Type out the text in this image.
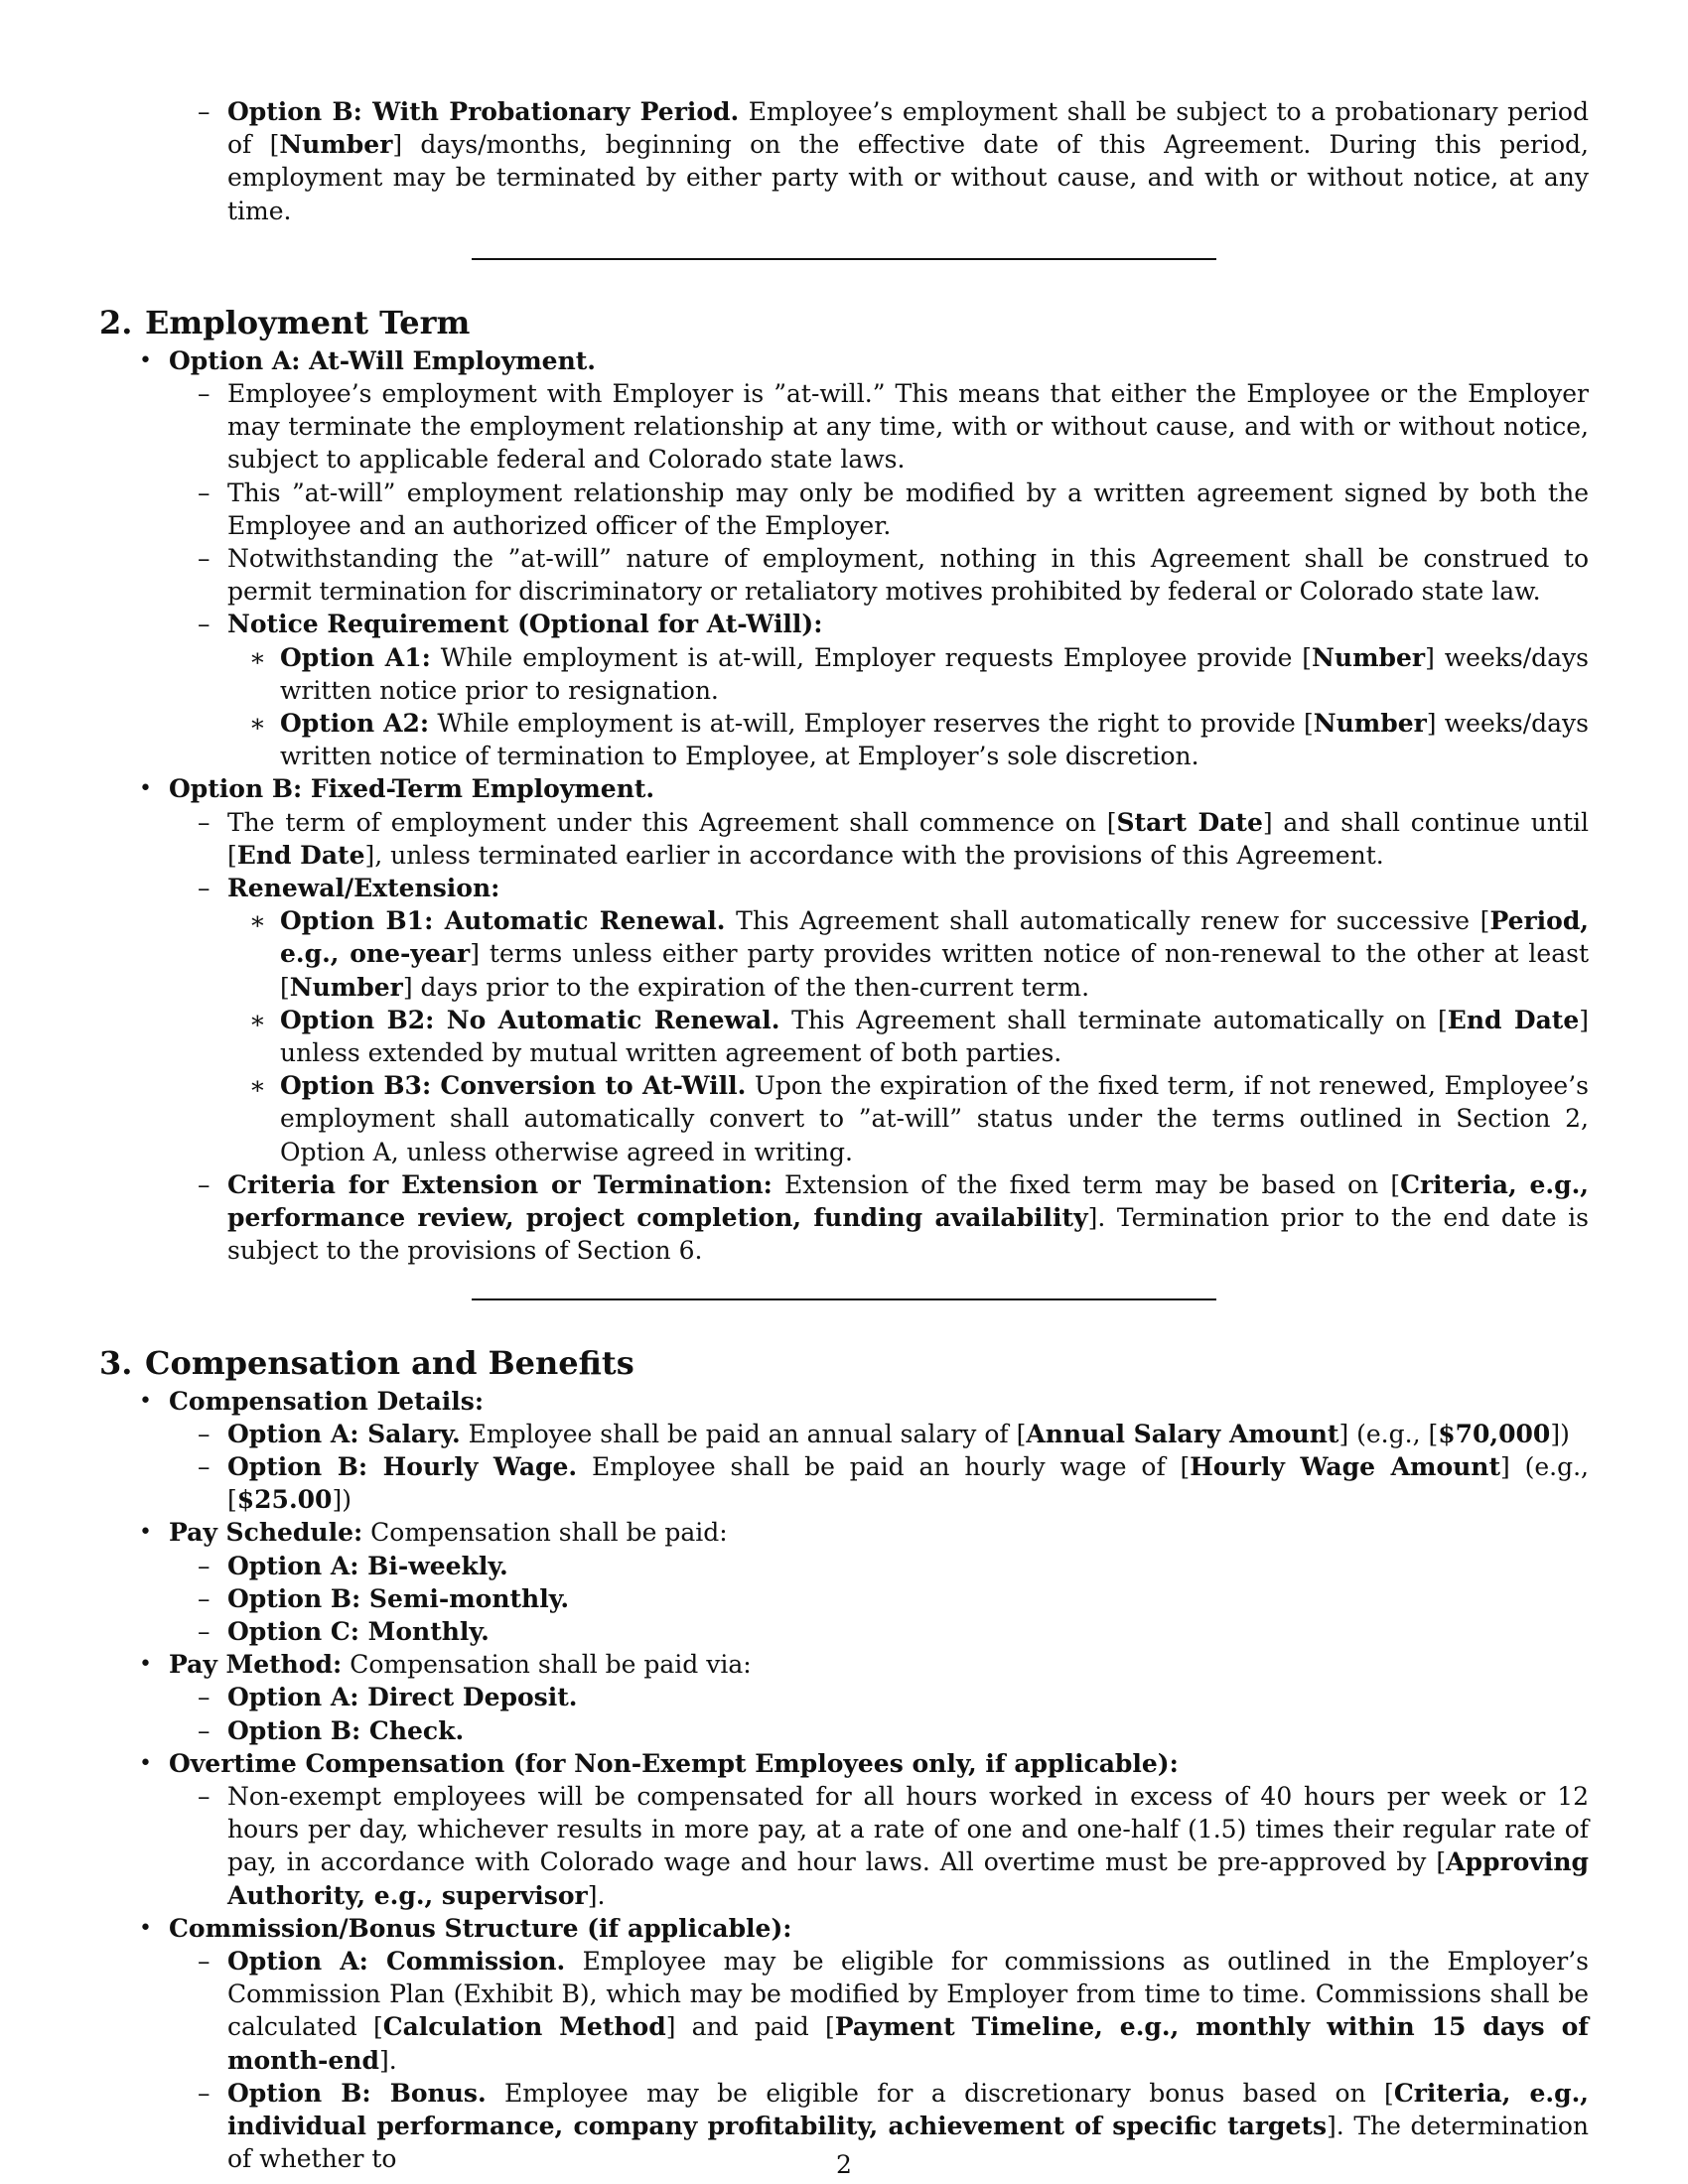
– Option B: With Probationary Period. Employee’s employment shall be subject to a probationary period of [Number] days/months, beginning on the effective date of this Agreement. During this period, employment may be terminated by either party with or without cause, and with or without notice, at any time.
2. Employment Term
• Option A: At-Will Employment.
– Employee’s employment with Employer is ”at-will.” This means that either the Employee or the Employer may terminate the employment relationship at any time, with or without cause, and with or without notice, subject to applicable federal and Colorado state laws.
– This ”at-will” employment relationship may only be modified by a written agreement signed by both the Employee and an authorized officer of the Employer.
– Notwithstanding the ”at-will” nature of employment, nothing in this Agreement shall be construed to permit termination for discriminatory or retaliatory motives prohibited by federal or Colorado state law.
– Notice Requirement (Optional for At-Will):
∗ Option A1: While employment is at-will, Employer requests Employee provide [Number] weeks/days written notice prior to resignation.
∗ Option A2: While employment is at-will, Employer reserves the right to provide [Number] weeks/days written notice of termination to Employee, at Employer’s sole discretion.
• Option B: Fixed-Term Employment.
– The term of employment under this Agreement shall commence on [Start Date] and shall continue until [End Date], unless terminated earlier in accordance with the provisions of this Agreement.
– Renewal/Extension:
∗ Option B1: Automatic Renewal. This Agreement shall automatically renew for successive [Period, e.g., one-year] terms unless either party provides written notice of non-renewal to the other at least [Number] days prior to the expiration of the then-current term.
∗ Option B2: No Automatic Renewal. This Agreement shall terminate automatically on [End Date] unless extended by mutual written agreement of both parties.
∗ Option B3: Conversion to At-Will. Upon the expiration of the fixed term, if not renewed, Employee’s employment shall automatically convert to ”at-will” status under the terms outlined in Section 2, Option A, unless otherwise agreed in writing.
– Criteria for Extension or Termination: Extension of the fixed term may be based on [Criteria, e.g., performance review, project completion, funding availability]. Termination prior to the end date is subject to the provisions of Section 6.
3. Compensation and Benefits
• Compensation Details:
– Option A: Salary. Employee shall be paid an annual salary of [Annual Salary Amount] (e.g., [$70,000])
– Option B: Hourly Wage. Employee shall be paid an hourly wage of [Hourly Wage Amount] (e.g., [$25.00])
• Pay Schedule: Compensation shall be paid:
– Option A: Bi-weekly.
– Option B: Semi-monthly.
– Option C: Monthly.
• Pay Method: Compensation shall be paid via:
– Option A: Direct Deposit.
– Option B: Check.
• Overtime Compensation (for Non-Exempt Employees only, if applicable):
– Non-exempt employees will be compensated for all hours worked in excess of 40 hours per week or 12 hours per day, whichever results in more pay, at a rate of one and one-half (1.5) times their regular rate of pay, in accordance with Colorado wage and hour laws. All overtime must be pre-approved by [Approving Authority, e.g., supervisor].
• Commission/Bonus Structure (if applicable):
– Option A: Commission. Employee may be eligible for commissions as outlined in the Employer’s Commission Plan (Exhibit B), which may be modified by Employer from time to time. Commissions shall be calculated [Calculation Method] and paid [Payment Timeline, e.g., monthly within 15 days of month-end].
– Option B: Bonus. Employee may be eligible for a discretionary bonus based on [Criteria, e.g., individual performance, company profitability, achievement of specific targets]. The determination of whether to	2
